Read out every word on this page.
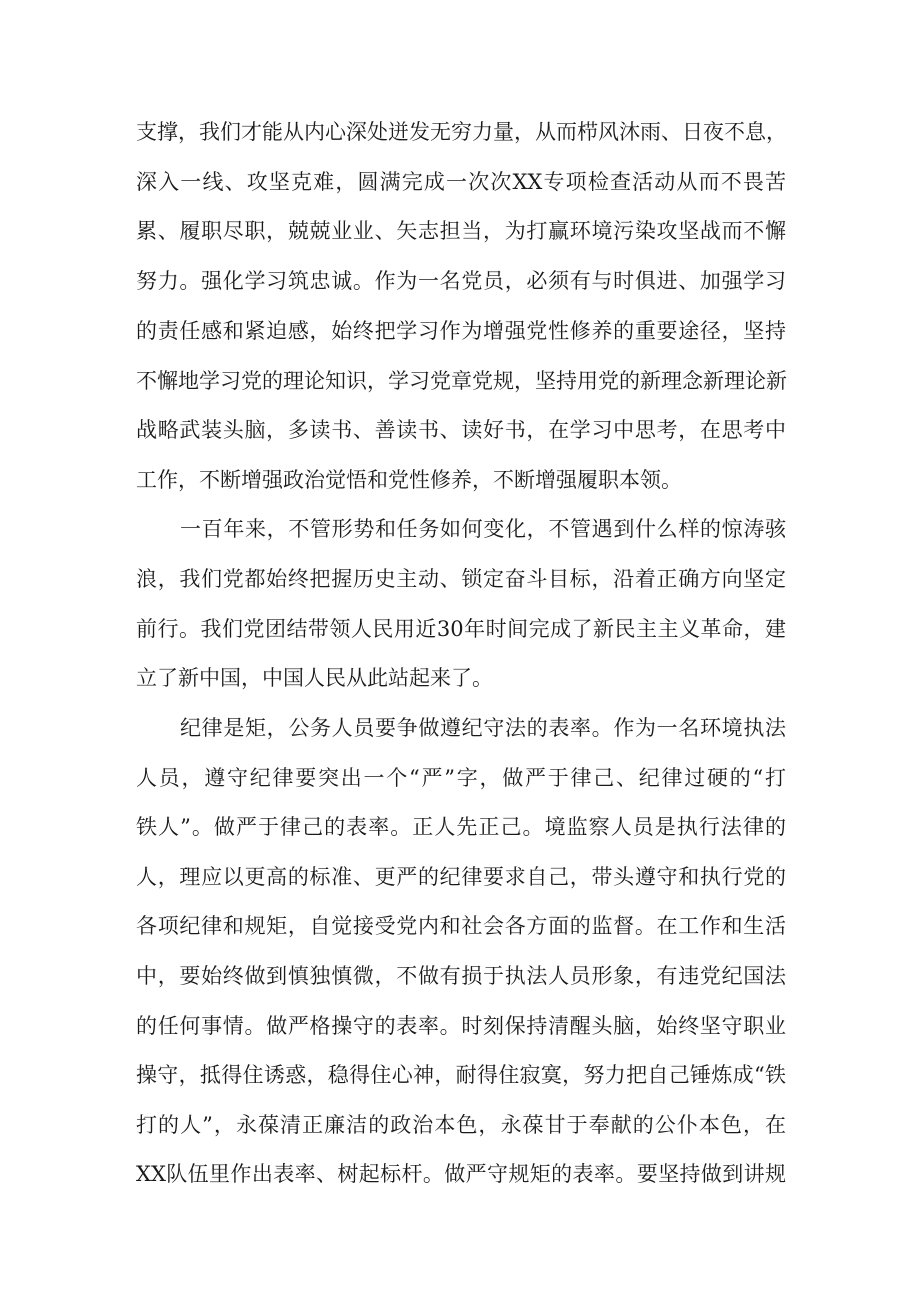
支撑，我们才能从内心深处迸发无穷力量，从而栉风沐雨、日夜不息，
深入一线、攻坚克难，圆满完成一次次XX专项检查活动从而不畏苦
累、履职尽职，兢兢业业、矢志担当，为打赢环境污染攻坚战而不懈
努力。强化学习筑忠诚。作为一名党员，必须有与时俱进、加强学习
的责任感和紧迫感，始终把学习作为增强党性修养的重要途径，坚持
不懈地学习党的理论知识，学习党章党规，坚持用党的新理念新理论新
战略武装头脑，多读书、善读书、读好书，在学习中思考，在思考中
工作，不断增强政治觉悟和党性修养，不断增强履职本领。
一百年来，不管形势和任务如何变化，不管遇到什么样的惊涛骇
浪，我们党都始终把握历史主动、锁定奋斗目标，沿着正确方向坚定
前行。我们党团结带领人民用近30年时间完成了新民主主义革命，建
立了新中国，中国人民从此站起来了。
纪律是矩，公务人员要争做遵纪守法的表率。作为一名环境执法
人员，遵守纪律要突出一个“严”字，做严于律己、纪律过硬的“打
铁人”。做严于律己的表率。正人先正己。境监察人员是执行法律的
人，理应以更高的标准、更严的纪律要求自己，带头遵守和执行党的
各项纪律和规矩，自觉接受党内和社会各方面的监督。在工作和生活
中，要始终做到慎独慎微，不做有损于执法人员形象，有违党纪国法
的任何事情。做严格操守的表率。时刻保持清醒头脑，始终坚守职业
操守，抵得住诱惑，稳得住心神，耐得住寂寞，努力把自己锤炼成“铁
打的人”，永葆清正廉洁的政治本色，永葆甘于奉献的公仆本色，在
XX队伍里作出表率、树起标杆。做严守规矩的表率。要坚持做到讲规
